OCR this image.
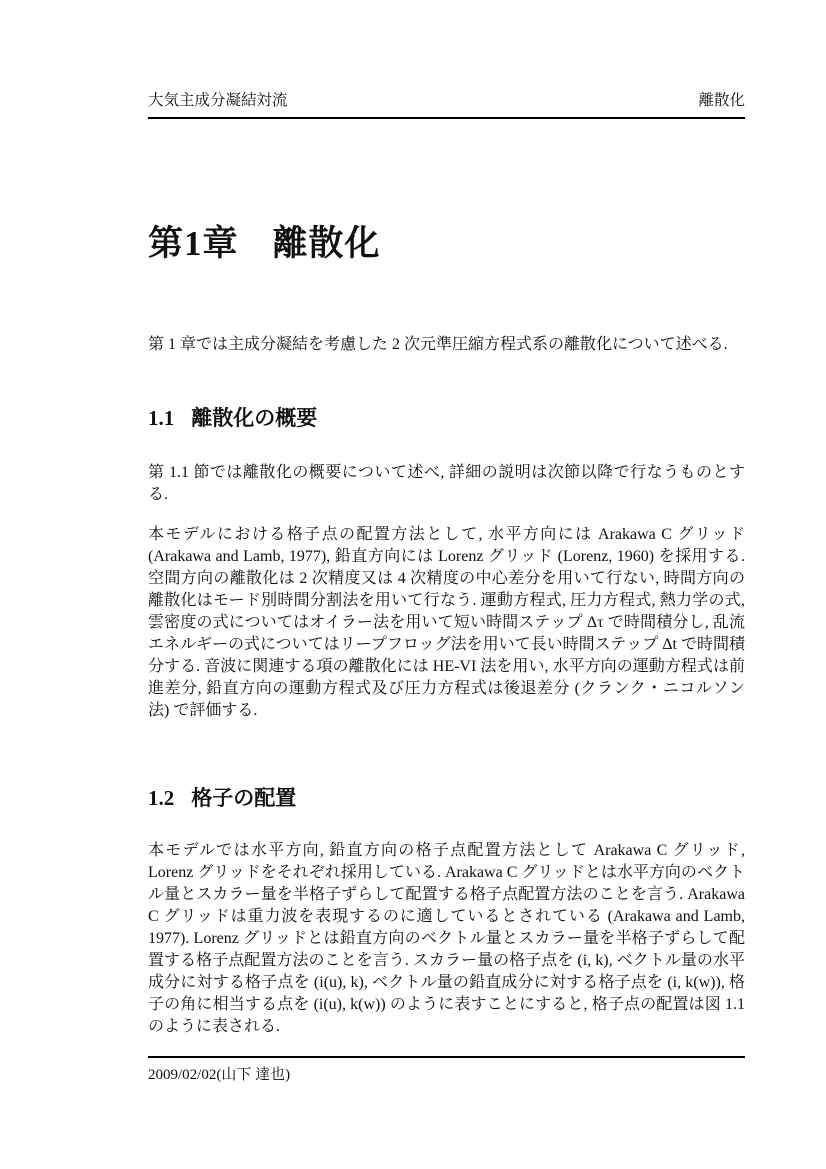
大気主成分凝結対流	離散化
第1章 離散化

第 1 章では主成分凝結を考慮した 2 次元準圧縮方程式系の離散化について述べる.

1.1 離散化の概要

第 1.1 節では離散化の概要について述べ, 詳細の説明は次節以降で行なうものとする.

本モデルにおける格子点の配置方法として, 水平方向には Arakawa C グリッド (Arakawa and Lamb, 1977), 鉛直方向には Lorenz グリッド (Lorenz, 1960) を採用する. 空間方向の離散化は 2 次精度又は 4 次精度の中心差分を用いて行ない, 時間方向の離散化はモード別時間分割法を用いて行なう. 運動方程式, 圧力方程式, 熱力学の式, 雲密度の式についてはオイラー法を用いて短い時間ステップ Δτ で時間積分し, 乱流エネルギーの式についてはリープフロッグ法を用いて長い時間ステップ Δt で時間積分する. 音波に関連する項の離散化には HE-VI 法を用い, 水平方向の運動方程式は前進差分, 鉛直方向の運動方程式及び圧力方程式は後退差分 (クランク・ニコルソン法) で評価する.

1.2 格子の配置

本モデルでは水平方向, 鉛直方向の格子点配置方法として Arakawa C グリッド, Lorenz グリッドをそれぞれ採用している. Arakawa C グリッドとは水平方向のベクトル量とスカラー量を半格子ずらして配置する格子点配置方法のことを言う. Arakawa C グリッドは重力波を表現するのに適しているとされている (Arakawa and Lamb, 1977). Lorenz グリッドとは鉛直方向のベクトル量とスカラー量を半格子ずらして配置する格子点配置方法のことを言う. スカラー量の格子点を (i, k), ベクトル量の水平成分に対する格子点を (i(u), k), ベクトル量の鉛直成分に対する格子点を (i, k(w)), 格子の角に相当する点を (i(u), k(w)) のように表すことにすると, 格子点の配置は図 1.1 のように表される.

2009/02/02(山下 達也)
